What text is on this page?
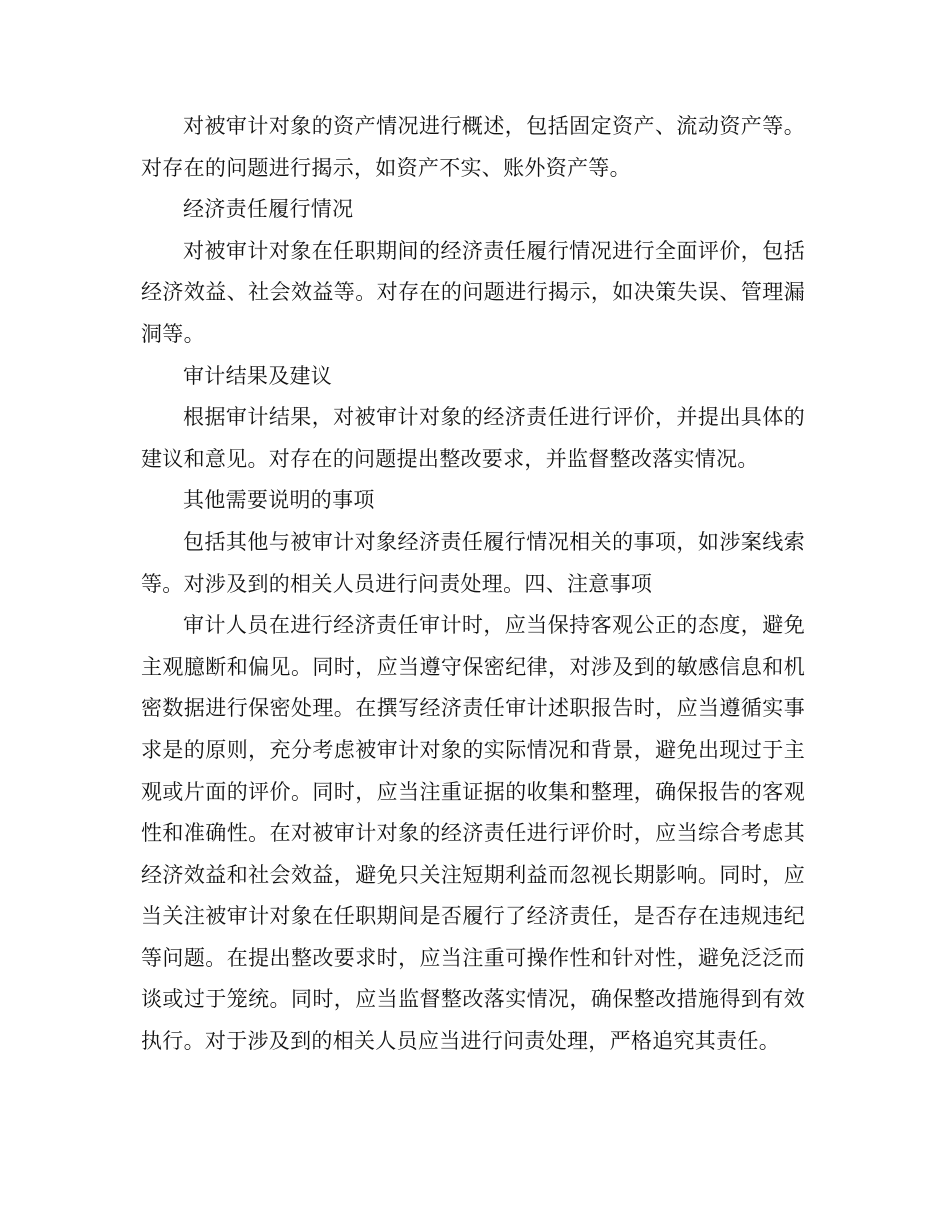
对被审计对象的资产情况进行概述，包括固定资产、流动资产等。对存在的问题进行揭示，如资产不实、账外资产等。

经济责任履行情况

对被审计对象在任职期间的经济责任履行情况进行全面评价，包括经济效益、社会效益等。对存在的问题进行揭示，如决策失误、管理漏洞等。

审计结果及建议

根据审计结果，对被审计对象的经济责任进行评价，并提出具体的建议和意见。对存在的问题提出整改要求，并监督整改落实情况。

其他需要说明的事项

包括其他与被审计对象经济责任履行情况相关的事项，如涉案线索等。对涉及到的相关人员进行问责处理。四、注意事项

审计人员在进行经济责任审计时，应当保持客观公正的态度，避免主观臆断和偏见。同时，应当遵守保密纪律，对涉及到的敏感信息和机密数据进行保密处理。在撰写经济责任审计述职报告时，应当遵循实事求是的原则，充分考虑被审计对象的实际情况和背景，避免出现过于主观或片面的评价。同时，应当注重证据的收集和整理，确保报告的客观性和准确性。在对被审计对象的经济责任进行评价时，应当综合考虑其经济效益和社会效益，避免只关注短期利益而忽视长期影响。同时，应当关注被审计对象在任职期间是否履行了经济责任，是否存在违规违纪等问题。在提出整改要求时，应当注重可操作性和针对性，避免泛泛而谈或过于笼统。同时，应当监督整改落实情况，确保整改措施得到有效执行。对于涉及到的相关人员应当进行问责处理，严格追究其责任。
